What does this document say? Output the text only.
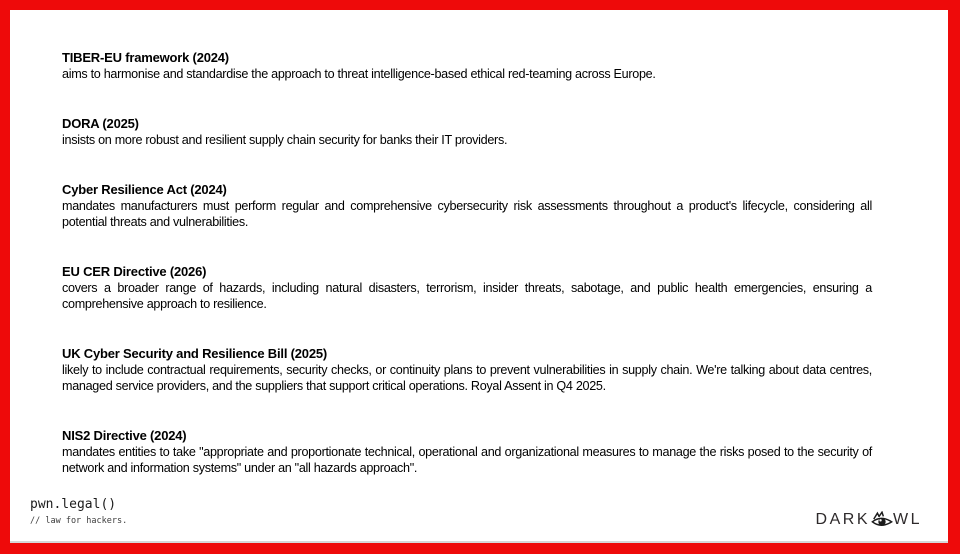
TIBER-EU framework (2024)

aims to harmonise and standardise the approach to threat intelligence-based ethical red-teaming across Europe.

DORA (2025)

insists on more robust and resilient supply chain security for banks their IT providers.

Cyber Resilience Act (2024)

mandates manufacturers must perform regular and comprehensive cybersecurity risk assessments throughout a product's lifecycle, considering all potential threats and vulnerabilities.

EU CER Directive (2026)

covers a broader range of hazards, including natural disasters, terrorism, insider threats, sabotage, and public health emergencies, ensuring a comprehensive approach to resilience.

UK Cyber Security and Resilience Bill (2025)

likely to include contractual requirements, security checks, or continuity plans to prevent vulnerabilities in supply chain. We're talking about data centres, managed service providers, and the suppliers that support critical operations. Royal Assent in Q4 2025.

NIS2 Directive (2024)

mandates entities to take "appropriate and proportionate technical, operational and organizational measures to manage the risks posed to the security of network and information systems" under an "all hazards approach".

pwn.legal()
// law for hackers.	DARK WL
